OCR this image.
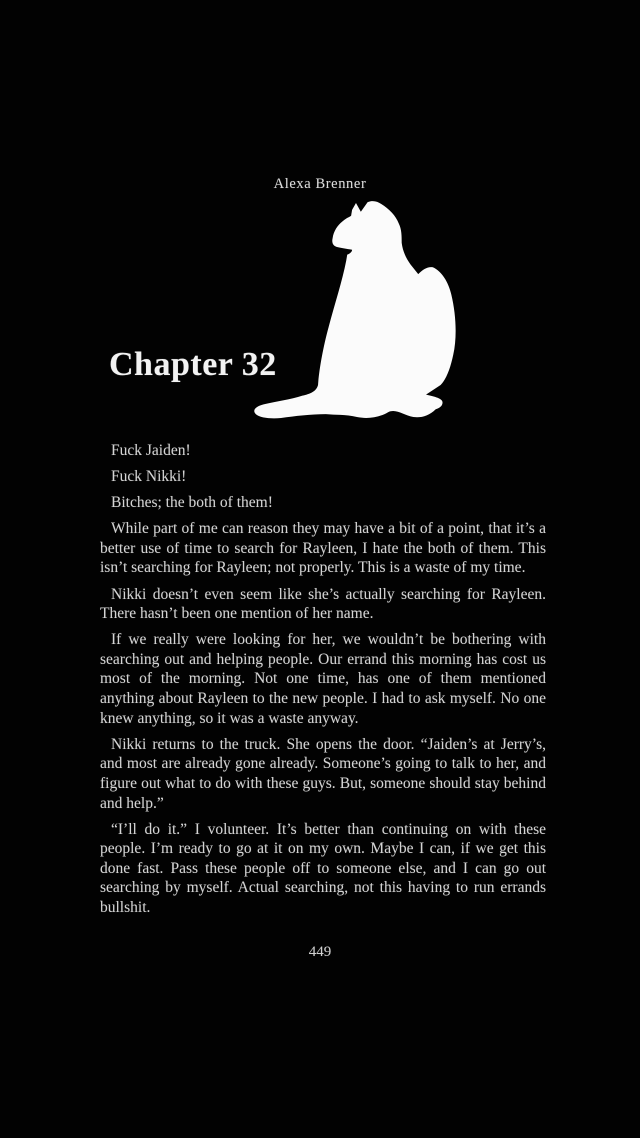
Alexa Brenner
Chapter 32

Fuck Jaiden!

Fuck Nikki!

Bitches; the both of them!

While part of me can reason they may have a bit of a point, that it’s a better use of time to search for Rayleen, I hate the both of them. This isn’t searching for Rayleen; not properly. This is a waste of my time.

Nikki doesn’t even seem like she’s actually searching for Rayleen. There hasn’t been one mention of her name.

If we really were looking for her, we wouldn’t be bothering with searching out and helping people. Our errand this morning has cost us most of the morning. Not one time, has one of them mentioned anything about Rayleen to the new people. I had to ask myself. No one knew anything, so it was a waste anyway.

Nikki returns to the truck. She opens the door. “Jaiden’s at Jerry’s, and most are already gone already. Someone’s going to talk to her, and figure out what to do with these guys. But, someone should stay behind and help.”

“I’ll do it.” I volunteer. It’s better than continuing on with these people. I’m ready to go at it on my own. Maybe I can, if we get this done fast. Pass these people off to someone else, and I can go out searching by myself. Actual searching, not this having to run errands bullshit.

449
